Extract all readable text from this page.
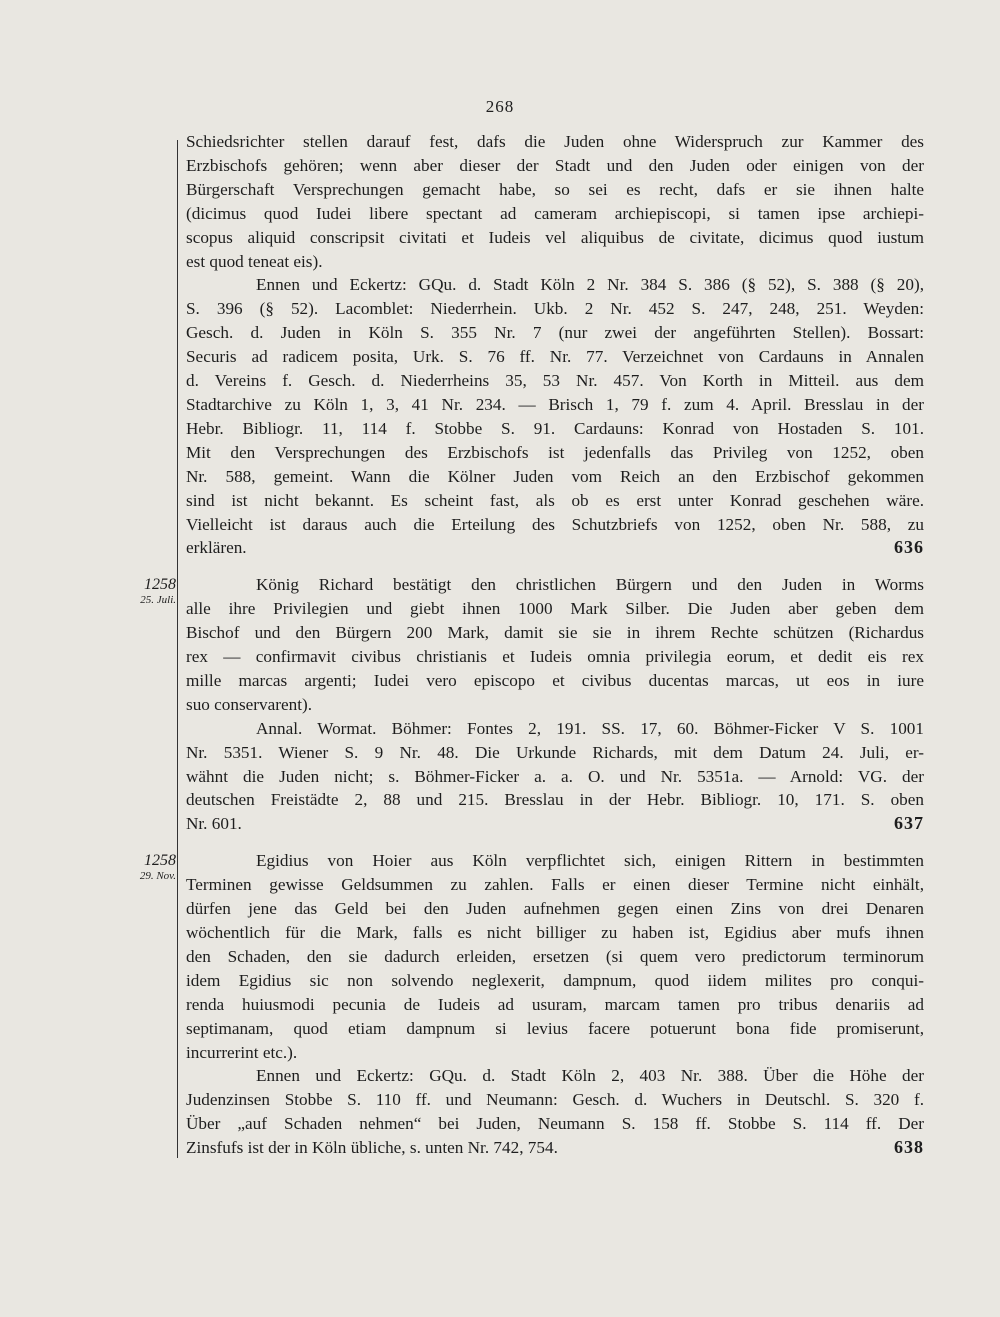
268
1258
25. Juli.
1258
29. Nov.
Schiedsrichter stellen darauf fest, dafs die Juden ohne Widerspruch zur Kammer des
Erzbischofs gehören; wenn aber dieser der Stadt und den Juden oder einigen von der
Bürgerschaft Versprechungen gemacht habe, so sei es recht, dafs er sie ihnen halte
(dicimus quod Iudei libere spectant ad cameram archiepiscopi, si tamen ipse archiepi-
scopus aliquid conscripsit civitati et Iudeis vel aliquibus de civitate, dicimus quod iustum
est quod teneat eis).
Ennen und Eckertz: GQu. d. Stadt Köln 2 Nr. 384 S. 386 (§ 52), S. 388 (§ 20),
S. 396 (§ 52). Lacomblet: Niederrhein. Ukb. 2 Nr. 452 S. 247, 248, 251. Weyden:
Gesch. d. Juden in Köln S. 355 Nr. 7 (nur zwei der angeführten Stellen). Bossart:
Securis ad radicem posita, Urk. S. 76 ff. Nr. 77. Verzeichnet von Cardauns in Annalen
d. Vereins f. Gesch. d. Niederrheins 35, 53 Nr. 457. Von Korth in Mitteil. aus dem
Stadtarchive zu Köln 1, 3, 41 Nr. 234. — Brisch 1, 79 f. zum 4. April. Bresslau in der
Hebr. Bibliogr. 11, 114 f. Stobbe S. 91. Cardauns: Konrad von Hostaden S. 101.
Mit den Versprechungen des Erzbischofs ist jedenfalls das Privileg von 1252, oben
Nr. 588, gemeint. Wann die Kölner Juden vom Reich an den Erzbischof gekommen
sind ist nicht bekannt. Es scheint fast, als ob es erst unter Konrad geschehen wäre.
Vielleicht ist daraus auch die Erteilung des Schutzbriefs von 1252, oben Nr. 588, zu
erklären.	636
König Richard bestätigt den christlichen Bürgern und den Juden in Worms
alle ihre Privilegien und giebt ihnen 1000 Mark Silber. Die Juden aber geben dem
Bischof und den Bürgern 200 Mark, damit sie sie in ihrem Rechte schützen (Richardus
rex — confirmavit civibus christianis et Iudeis omnia privilegia eorum, et dedit eis rex
mille marcas argenti; Iudei vero episcopo et civibus ducentas marcas, ut eos in iure
suo conservarent).
Annal. Wormat. Böhmer: Fontes 2, 191. SS. 17, 60. Böhmer-Ficker V S. 1001
Nr. 5351. Wiener S. 9 Nr. 48. Die Urkunde Richards, mit dem Datum 24. Juli, er-
wähnt die Juden nicht; s. Böhmer-Ficker a. a. O. und Nr. 5351a. — Arnold: VG. der
deutschen Freistädte 2, 88 und 215. Bresslau in der Hebr. Bibliogr. 10, 171. S. oben
Nr. 601.	637
Egidius von Hoier aus Köln verpflichtet sich, einigen Rittern in bestimmten
Terminen gewisse Geldsummen zu zahlen. Falls er einen dieser Termine nicht einhält,
dürfen jene das Geld bei den Juden aufnehmen gegen einen Zins von drei Denaren
wöchentlich für die Mark, falls es nicht billiger zu haben ist, Egidius aber mufs ihnen
den Schaden, den sie dadurch erleiden, ersetzen (si quem vero predictorum terminorum
idem Egidius sic non solvendo neglexerit, dampnum, quod iidem milites pro conqui-
renda huiusmodi pecunia de Iudeis ad usuram, marcam tamen pro tribus denariis ad
septimanam, quod etiam dampnum si levius facere potuerunt bona fide promiserunt,
incurrerint etc.).
Ennen und Eckertz: GQu. d. Stadt Köln 2, 403 Nr. 388. Über die Höhe der
Judenzinsen Stobbe S. 110 ff. und Neumann: Gesch. d. Wuchers in Deutschl. S. 320 f.
Über „auf Schaden nehmen“ bei Juden, Neumann S. 158 ff. Stobbe S. 114 ff. Der
Zinsfufs ist der in Köln übliche, s. unten Nr. 742, 754.	638
